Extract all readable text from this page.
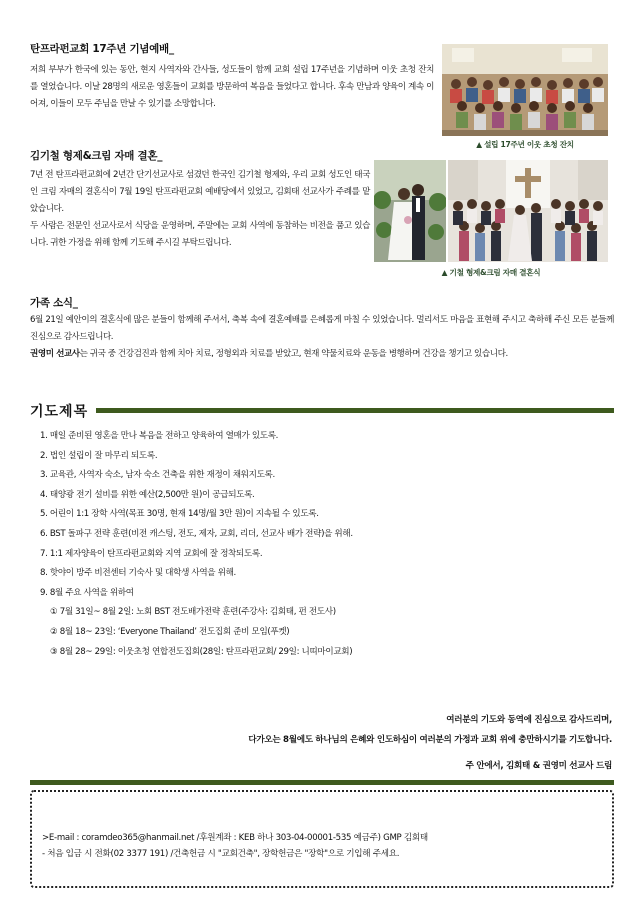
탄프라펀교회 17주년 기념예배_

저희 부부가 한국에 있는 동안, 현지 사역자와 간사들, 성도들이 함께 교회 설립 17주년을 기념하며 이웃 초청 잔치를 열었습니다. 이날 28명의 새로운 영혼들이 교회를 방문하여 복음을 들었다고 합니다. 후속 만남과 양육이 계속 이어져, 이들이 모두 주님을 만날 수 있기를 소망합니다.

▲ 설립 17주년 이웃 초청 잔치
김기철 형제&크림 자매 결혼_

7년 전 탄프라펀교회에 2년간 단기선교사로 섬겼던 한국인 김기철 형제와, 우리 교회 성도인 태국인 크림 자매의 결혼식이 7월 19일 탄프라펀교회 예배당에서 있었고, 김회태 선교사가 주례를 맡았습니다.

두 사람은 전문인 선교사로서 식당을 운영하며, 주말에는 교회 사역에 동참하는 비전을 품고 있습니다. 귀한 가정을 위해 함께 기도해 주시길 부탁드립니다.

▲ 기철 형제&크림 자매 결혼식
가족 소식_

6월 21일 예안이의 결혼식에 많은 분들이 함께해 주셔서, 축복 속에 결혼예배를 은혜롭게 마칠 수 있었습니다. 멀리서도 마음을 표현해 주시고 축하해 주신 모든 분들께 진심으로 감사드립니다.

권영미 선교사는 귀국 중 건강검진과 함께 치아 치료, 정형외과 치료를 받았고, 현재 약물치료와 운동을 병행하며 건강을 챙기고 있습니다.

기도제목
1. 매일 준비된 영혼을 만나 복음을 전하고 양육하여 열매가 있도록.
2. 법인 설립이 잘 마무리 되도록.
3. 교육관, 사역자 숙소, 남자 숙소 건축을 위한 재정이 채워지도록.
4. 태양광 전기 설비를 위한 예산(2,500만 원)이 공급되도록.
5. 어린이 1:1 장학 사역(목표 30명, 현재 14명/월 3만 원)이 지속될 수 있도록.
6. BST 돌파구 전략 훈련(비전 캐스팅, 전도, 제자, 교회, 리더, 선교사 배가 전략)을 위해.
7. 1:1 제자양육이 탄프라펀교회와 지역 교회에 잘 정착되도록.
8. 핫야이 방주 비전센터 기숙사 및 대학생 사역을 위해.
9. 8월 주요 사역을 위하여
① 7월 31일~ 8월 2일: 노회 BST 전도배가전략 훈련(주강사: 김회태, 펀 전도사)
② 8월 18~ 23일: ‘Everyone Thailand’ 전도집회 준비 모임(푸켓)
③ 8월 28~ 29일: 이웃초청 연합전도집회(28일: 탄프라펀교회/ 29일: 니띠마이교회)
여러분의 기도와 동역에 진심으로 감사드리며,
다가오는 8월에도 하나님의 은혜와 인도하심이 여러분의 가정과 교회 위에 충만하시기를 기도합니다.
주 안에서, 김회태 & 권영미 선교사 드림
>E-mail : coramdeo365@hanmail.net /후원계좌 : KEB 하나 303-04-00001-535 예금주) GMP 김회태
- 처음 입금 시 전화(02 3377 191) /건축헌금 시 "교회건축", 장학헌금은 "장학"으로 기입해 주세요.
